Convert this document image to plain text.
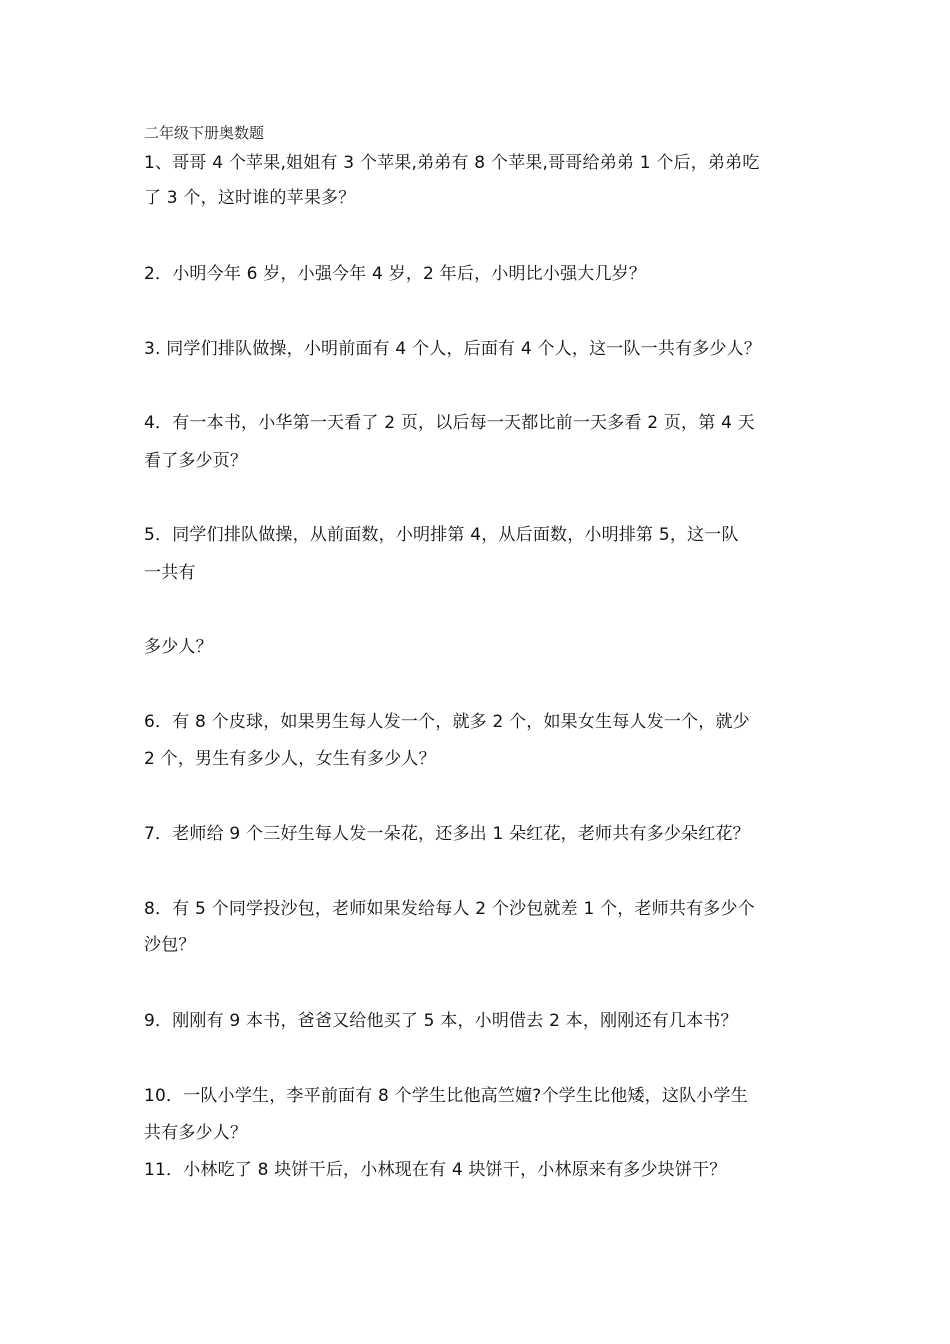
二年级下册奥数题
1、哥哥 4 个苹果,姐姐有 3 个苹果,弟弟有 8 个苹果,哥哥给弟弟 1 个后，弟弟吃
了 3 个，这时谁的苹果多？
2．小明今年 6 岁，小强今年 4 岁，2 年后，小明比小强大几岁？
3. 同学们排队做操，小明前面有 4 个人，后面有 4 个人，这一队一共有多少人？
4．有一本书，小华第一天看了 2 页，以后每一天都比前一天多看 2 页，第 4 天
看了多少页？
5．同学们排队做操，从前面数，小明排第 4，从后面数，小明排第 5，这一队
一共有
多少人？
6．有 8 个皮球，如果男生每人发一个，就多 2 个，如果女生每人发一个，就少
2 个，男生有多少人，女生有多少人？
7．老师给 9 个三好生每人发一朵花，还多出 1 朵红花，老师共有多少朵红花？
8．有 5 个同学投沙包，老师如果发给每人 2 个沙包就差 1 个，老师共有多少个
沙包？
9．刚刚有 9 本书，爸爸又给他买了 5 本，小明借去 2 本，刚刚还有几本书？
10．一队小学生，李平前面有 8 个学生比他高竺嬗?个学生比他矮，这队小学生
共有多少人？
11．小林吃了 8 块饼干后，小林现在有 4 块饼干，小林原来有多少块饼干？
